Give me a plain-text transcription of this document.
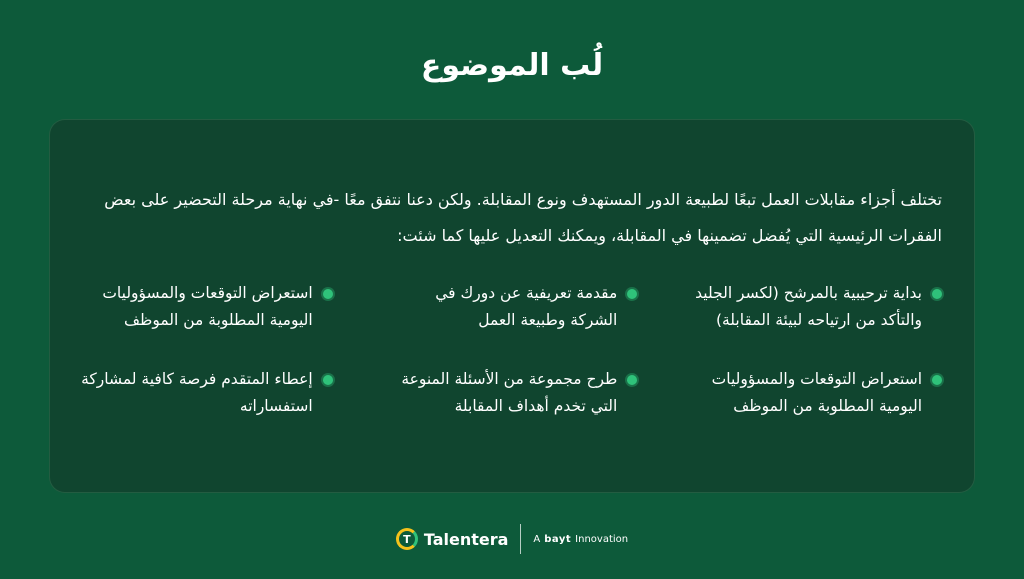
لُب الموضوع
تختلف أجزاء مقابلات العمل تبعًا لطبيعة الدور المستهدف ونوع المقابلة. ولكن دعنا نتفق معًا -في نهاية مرحلة التحضير على بعض الفقرات الرئيسية التي يُفضل تضمينها في المقابلة، ويمكنك التعديل عليها كما شئت:
بداية ترحيبية بالمرشح (لكسر الجليد والتأكد من ارتياحه لبيئة المقابلة)
مقدمة تعريفية عن دورك في الشركة وطبيعة العمل
استعراض التوقعات والمسؤوليات اليومية المطلوبة من الموظف
استعراض التوقعات والمسؤوليات اليومية المطلوبة من الموظف
طرح مجموعة من الأسئلة المنوعة التي تخدم أهداف المقابلة
إعطاء المتقدم فرصة كافية لمشاركة استفساراته
T Talentera	A bayt Innovation
